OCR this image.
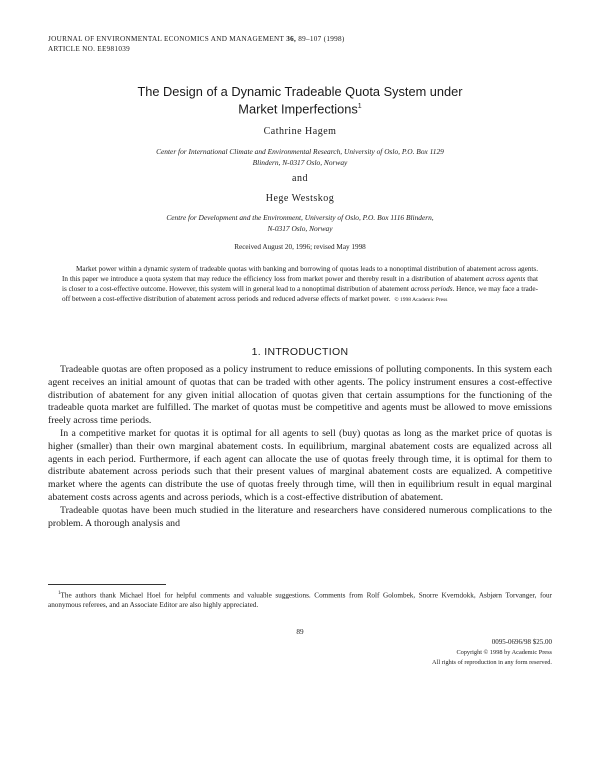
JOURNAL OF ENVIRONMENTAL ECONOMICS AND MANAGEMENT 36, 89–107 (1998)
ARTICLE NO. EE981039
The Design of a Dynamic Tradeable Quota System under
Market Imperfections$^1$
Cathrine Hagem
Center for International Climate and Environmental Research, University of Oslo, P.O. Box 1129
Blindern, N-0317 Oslo, Norway
and
Hege Westskog
Centre for Development and the Environment, University of Oslo, P.O. Box 1116 Blindern,
N-0317 Oslo, Norway
Received August 20, 1996; revised May 1998
Market power within a dynamic system of tradeable quotas with banking and borrowing of quotas leads to a nonoptimal distribution of abatement across agents. In this paper we introduce a quota system that may reduce the efficiency loss from market power and thereby result in a distribution of abatement across agents that is closer to a cost-effective outcome. However, this system will in general lead to a nonoptimal distribution of abatement across periods. Hence, we may face a trade-off between a cost-effective distribution of abatement across periods and reduced adverse effects of market power. © 1998 Academic Press
1. INTRODUCTION

Tradeable quotas are often proposed as a policy instrument to reduce emissions of polluting components. In this system each agent receives an initial amount of quotas that can be traded with other agents. The policy instrument ensures a cost-effective distribution of abatement for any given initial allocation of quotas given that certain assumptions for the functioning of the tradeable quota market are fulfilled. The market of quotas must be competitive and agents must be allowed to move emissions freely across time periods.

In a competitive market for quotas it is optimal for all agents to sell (buy) quotas as long as the market price of quotas is higher (smaller) than their own marginal abatement costs. In equilibrium, marginal abatement costs are equalized across all agents in each period. Furthermore, if each agent can allocate the use of quotas freely through time, it is optimal for them to distribute abatement across periods such that their present values of marginal abatement costs are equalized. A competitive market where the agents can distribute the use of quotas freely through time, will then in equilibrium result in equal marginal abatement costs across agents and across periods, which is a cost-effective distribution of abatement.

Tradeable quotas have been much studied in the literature and researchers have considered numerous complications to the problem. A thorough analysis and

$^1$The authors thank Michael Hoel for helpful comments and valuable suggestions. Comments from Rolf Golombek, Snorre Kverndokk, Asbjørn Torvanger, four anonymous referees, and an Associate Editor are also highly appreciated.

89
0095-0696/98 $25.00
Copyright © 1998 by Academic Press
All rights of reproduction in any form reserved.
